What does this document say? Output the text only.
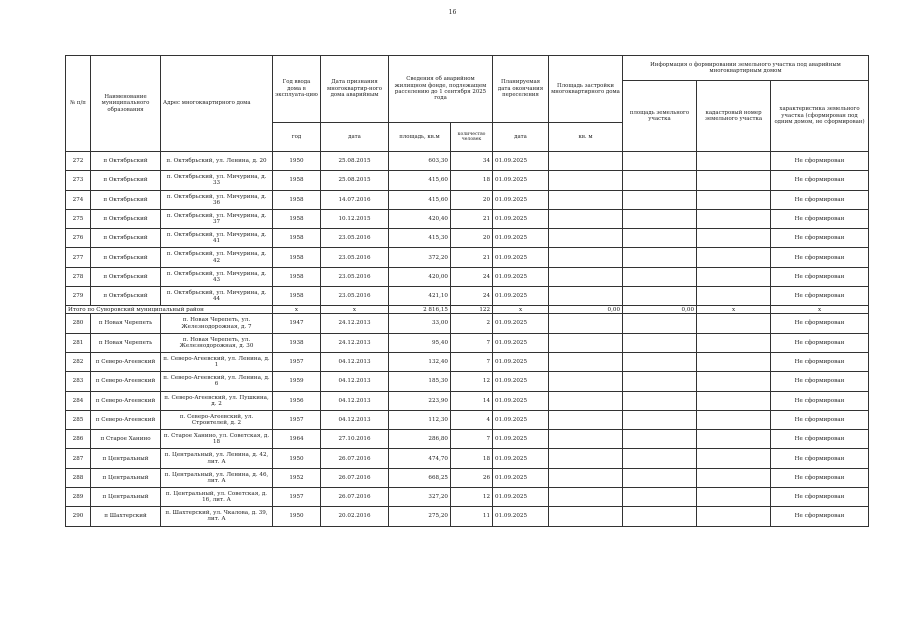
16
№ п/п	Наименование муниципального образования	Адрес многоквартирного дома	Год ввода дома в эксплуата-цию	Дата признания многоквартир-ного дома аварийным	Сведения об аварийном жилищном фонде, подлежащем расселению до 1 сентября 2025 года		Планируемая дата окончания переселения	Площадь застройки многоквартирного дома	Информация о формировании земельного участка под аварийным многоквартирным домом		
									площадь земельного участка	кадастровый номер земельного участка	характеристика земельного участка (сформирован под одним домом, не сформирован)
			год	дата	площадь, кв.м	количество человек	дата	кв. м			
272	п Октябрьский	п. Октябрьский, ул. Ленина, д. 20	1950	25.08.2015	603,30	34	01.09.2025				Не сформирован
273	п Октябрьский	п. Октябрьский, ул. Мичурина, д. 33	1958	25.08.2015	415,60	18	01.09.2025				Не сформирован
274	п Октябрьский	п. Октябрьский, ул. Мичурина, д. 36	1958	14.07.2016	415,60	20	01.09.2025				Не сформирован
275	п Октябрьский	п. Октябрьский, ул. Мичурина, д. 37	1958	10.12.2015	420,40	21	01.09.2025				Не сформирован
276	п Октябрьский	п. Октябрьский, ул. Мичурина, д. 41	1958	23.05.2016	415,30	20	01.09.2025				Не сформирован
277	п Октябрьский	п. Октябрьский, ул. Мичурина, д. 42	1958	23.05.2016	372,20	21	01.09.2025				Не сформирован
278	п Октябрьский	п. Октябрьский, ул. Мичурина, д. 43	1958	23.05.2016	420,00	24	01.09.2025				Не сформирован
279	п Октябрьский	п. Октябрьский, ул. Мичурина, д. 44	1958	23.05.2016	421,10	24	01.09.2025				Не сформирован
Итого по Суворовский муниципальный район			х	х	2 816,15	122	х	0,00	0,00	х	х
280	п Новая Черепеть	п. Новая Черепеть, ул. Железнодорожная, д. 7	1947	24.12.2013	33,00	2	01.09.2025				Не сформирован
281	п Новая Черепеть	п. Новая Черепеть, ул. Железнодорожная, д. 30	1938	24.12.2013	95,40	7	01.09.2025				Не сформирован
282	п Северо-Агеевский	п. Северо-Агеевский, ул. Ленина, д. 1	1957	04.12.2013	132,40	7	01.09.2025				Не сформирован
283	п Северо-Агеевский	п. Северо-Агеевский, ул. Ленина, д. 6	1959	04.12.2013	185,30	12	01.09.2025				Не сформирован
284	п Северо-Агеевский	п. Северо-Агеевский, ул. Пушкина, д. 2	1956	04.12.2013	223,90	14	01.09.2025				Не сформирован
285	п Северо-Агеевский	п. Северо-Агеевский, ул. Строителей, д. 2	1957	04.12.2013	112,30	4	01.09.2025				Не сформирован
286	п Старое Ханино	п. Старое Ханино, ул. Советская, д. 18	1964	27.10.2016	286,80	7	01.09.2025				Не сформирован
287	п Центральный	п. Центральный, ул. Ленина, д. 42, лит. А	1950	26.07.2016	474,70	18	01.09.2025				Не сформирован
288	п Центральный	п. Центральный, ул. Ленина, д. 46, лит. А	1952	26.07.2016	668,25	26	01.09.2025				Не сформирован
289	п Центральный	п. Центральный, ул. Советская, д. 16, лит. А	1957	26.07.2016	327,20	12	01.09.2025				Не сформирован
290	п Шахтерский	п. Шахтерский, ул. Чкалова, д. 39, лит. А	1950	20.02.2016	275,20	11	01.09.2025				Не сформирован
